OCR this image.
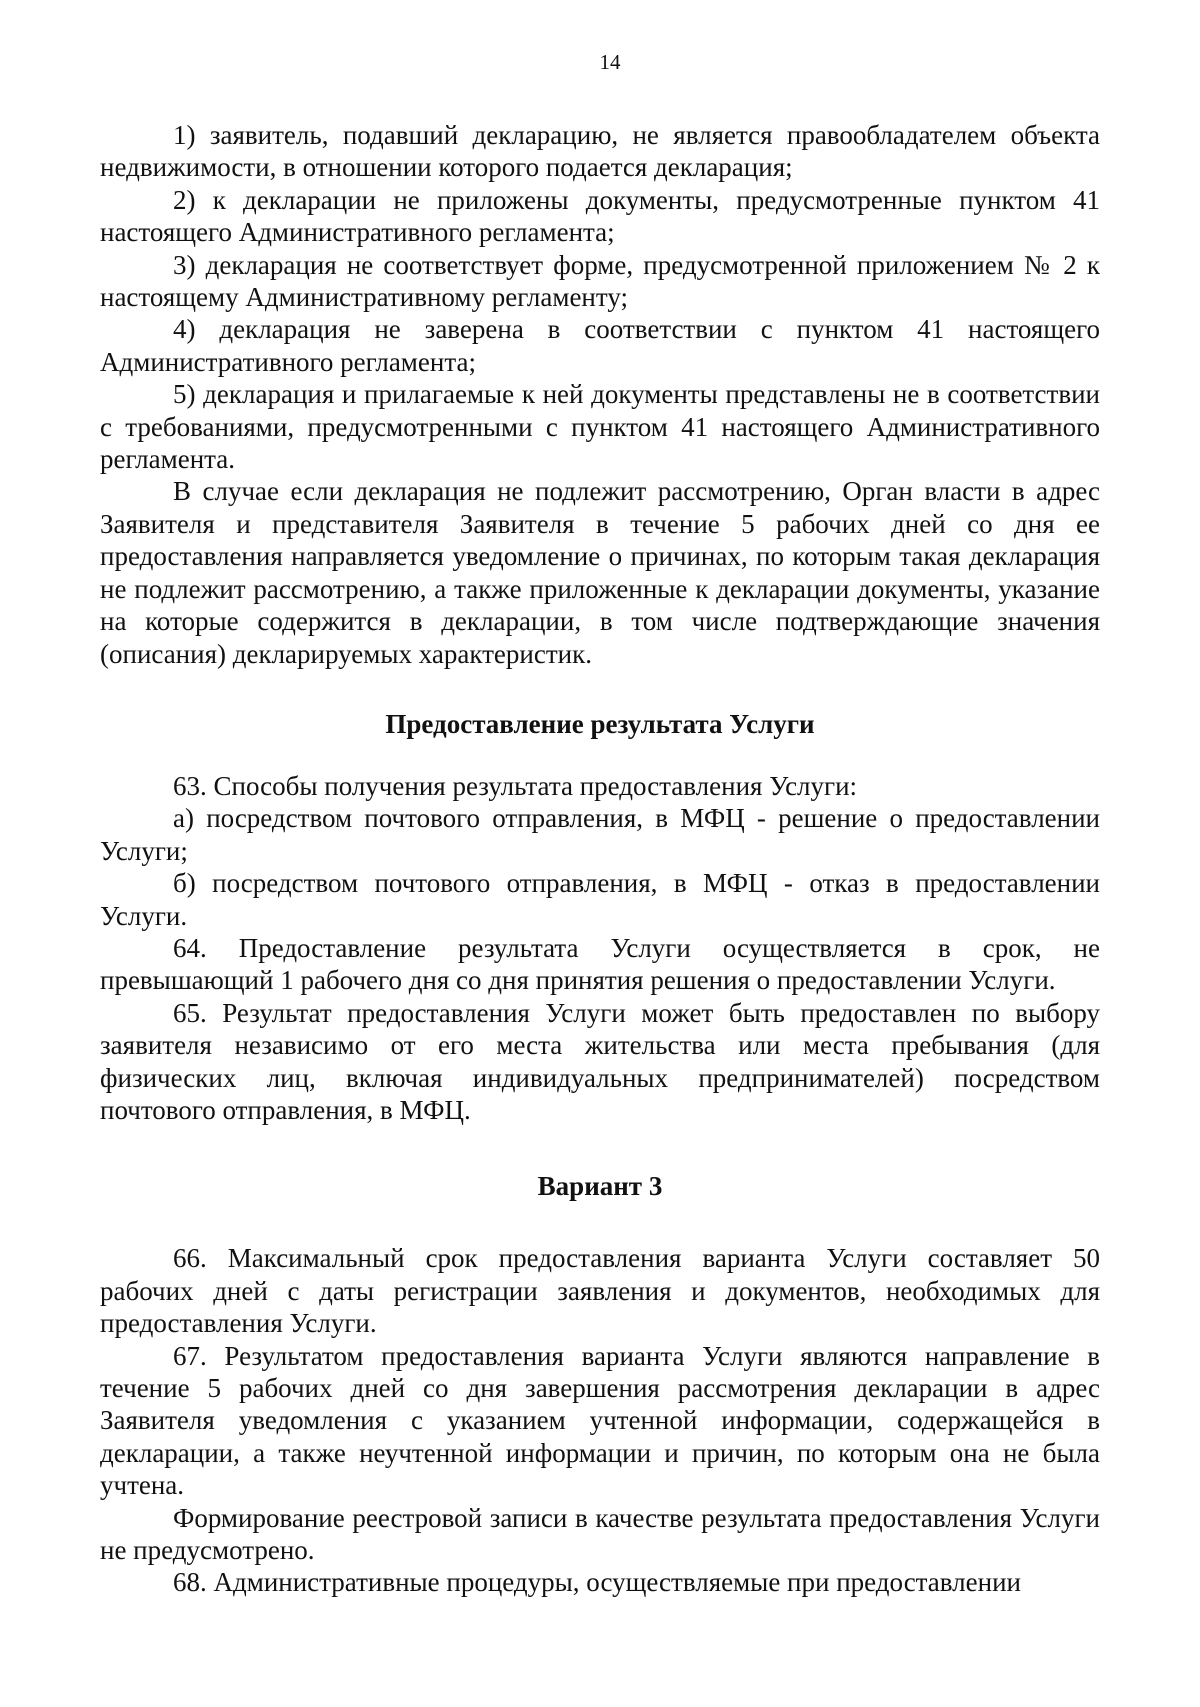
14

1) заявитель, подавший декларацию, не является правообладателем объекта недвижимости, в отношении которого подается декларация;

2) к декларации не приложены документы, предусмотренные пунктом 41 настоящего Административного регламента;

3) декларация не соответствует форме, предусмотренной приложением № 2 к настоящему Административному регламенту;

4) декларация не заверена в соответствии с пунктом 41 настоящего Административного регламента;

5) декларация и прилагаемые к ней документы представлены не в соответствии с требованиями, предусмотренными с пунктом 41 настоящего Административного регламента.

В случае если декларация не подлежит рассмотрению, Орган власти в адрес Заявителя и представителя Заявителя в течение 5 рабочих дней со дня ее предоставления направляется уведомление о причинах, по которым такая декларация не подлежит рассмотрению, а также приложенные к декларации документы, указание на которые содержится в декларации, в том числе подтверждающие значения (описания) декларируемых характеристик.

Предоставление результата Услуги

63. Способы получения результата предоставления Услуги:

а) посредством почтового отправления, в МФЦ - решение о предоставлении Услуги;

б) посредством почтового отправления, в МФЦ - отказ в предоставлении Услуги.

64. Предоставление результата Услуги осуществляется в срок, не превышающий 1 рабочего дня со дня принятия решения о предоставлении Услуги.

65. Результат предоставления Услуги может быть предоставлен по выбору заявителя независимо от его места жительства или места пребывания (для физических лиц, включая индивидуальных предпринимателей) посредством почтового отправления, в МФЦ.

Вариант 3

66. Максимальный срок предоставления варианта Услуги составляет 50 рабочих дней с даты регистрации заявления и документов, необходимых для предоставления Услуги.

67. Результатом предоставления варианта Услуги являются направление в течение 5 рабочих дней со дня завершения рассмотрения декларации в адрес Заявителя уведомления с указанием учтенной информации, содержащейся в декларации, а также неучтенной информации и причин, по которым она не была учтена.

Формирование реестровой записи в качестве результата предоставления Услуги не предусмотрено.

68. Административные процедуры, осуществляемые при предоставлении
